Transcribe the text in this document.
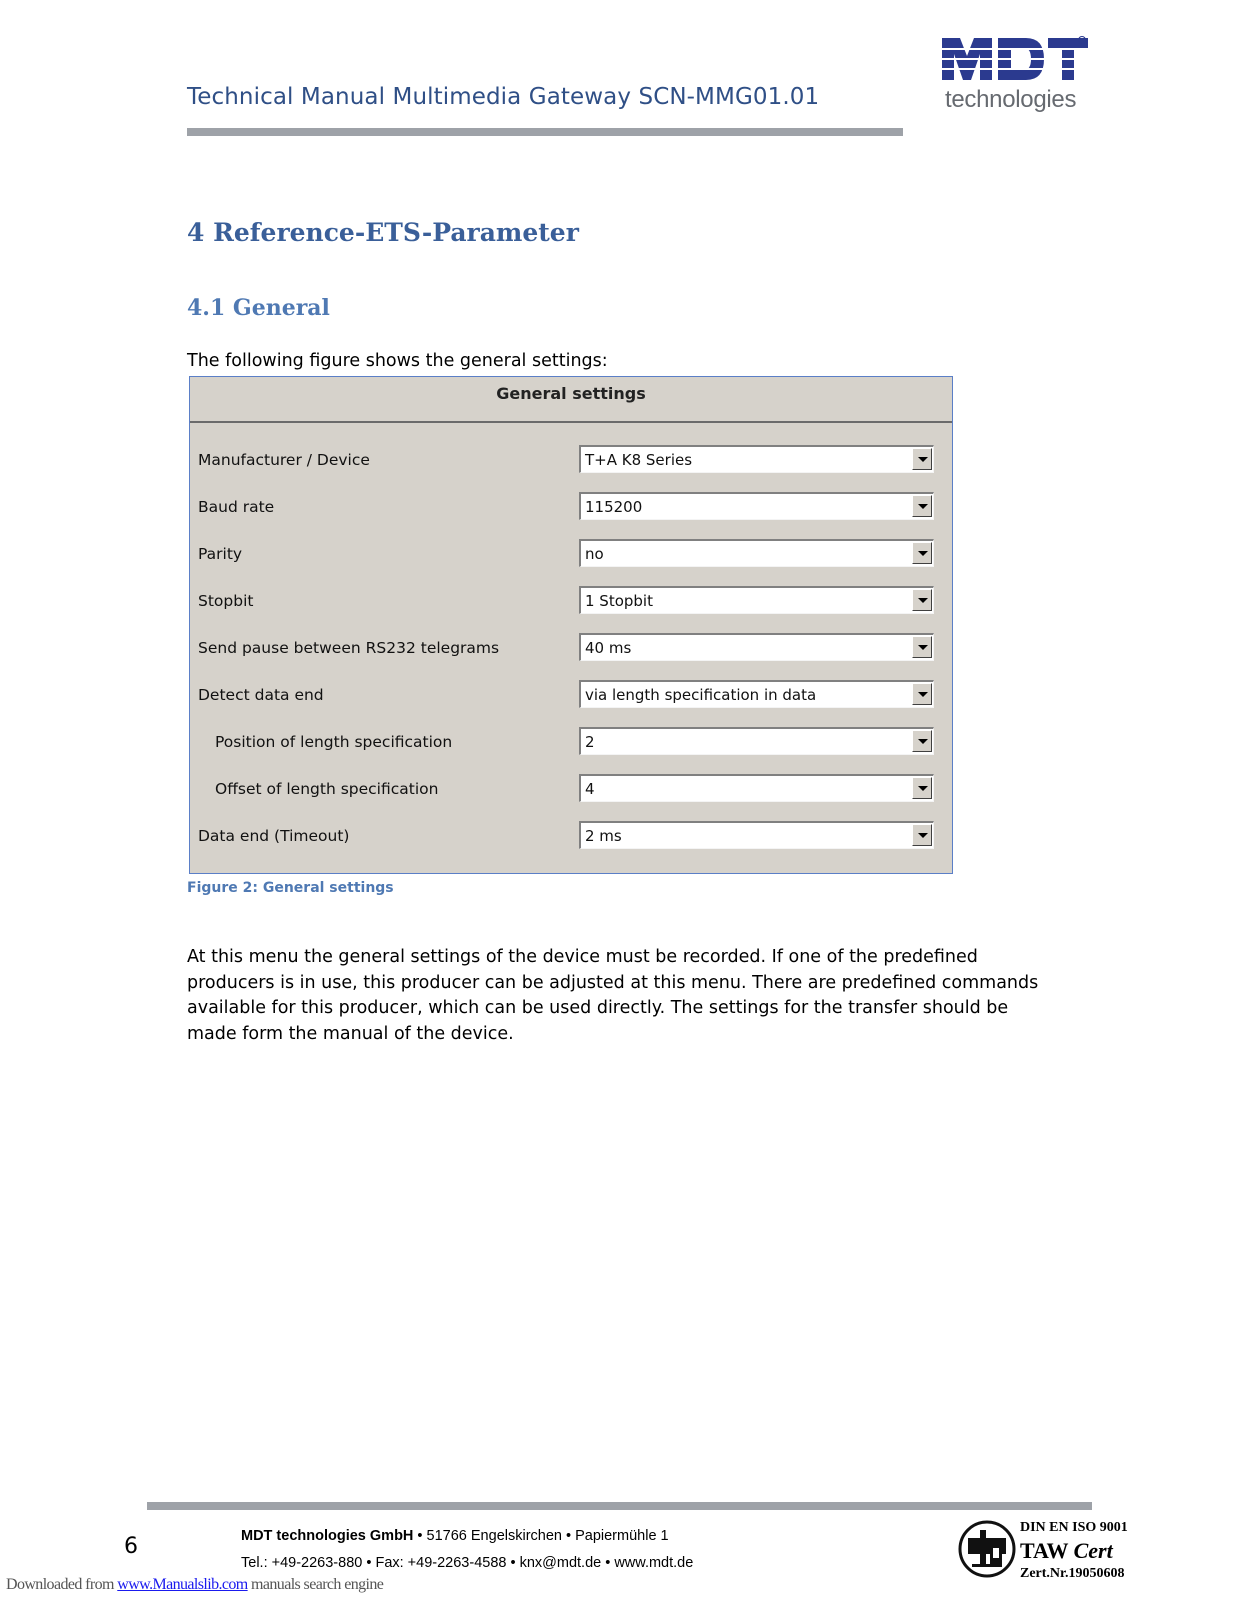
Technical Manual Multimedia Gateway SCN-MMG01.01
R
technologies
4 Reference-ETS-Parameter
4.1 General
The following figure shows the general settings:
General settings
Manufacturer / Device	T+A K8 Series
Baud rate	115200
Parity	no
Stopbit	1 Stopbit
Send pause between RS232 telegrams	40 ms
Detect data end	via length specification in data
Position of length specification	2
Offset of length specification	4
Data end (Timeout)	2 ms
Figure 2: General settings
At this menu the general settings of the device must be recorded. If one of the predefined producers is in use, this producer can be adjusted at this menu. There are predefined commands available for this producer, which can be used directly. The settings for the transfer should be made form the manual of the device.
6	MDT technologies GmbH • 51766 Engelskirchen • Papiermühle 1
Tel.: +49-2263-880 • Fax: +49-2263-4588 • knx@mdt.de • www.mdt.de
DIN EN ISO 9001
TAW Cert
Zert.Nr.19050608
Downloaded from www.Manualslib.com manuals search engine
